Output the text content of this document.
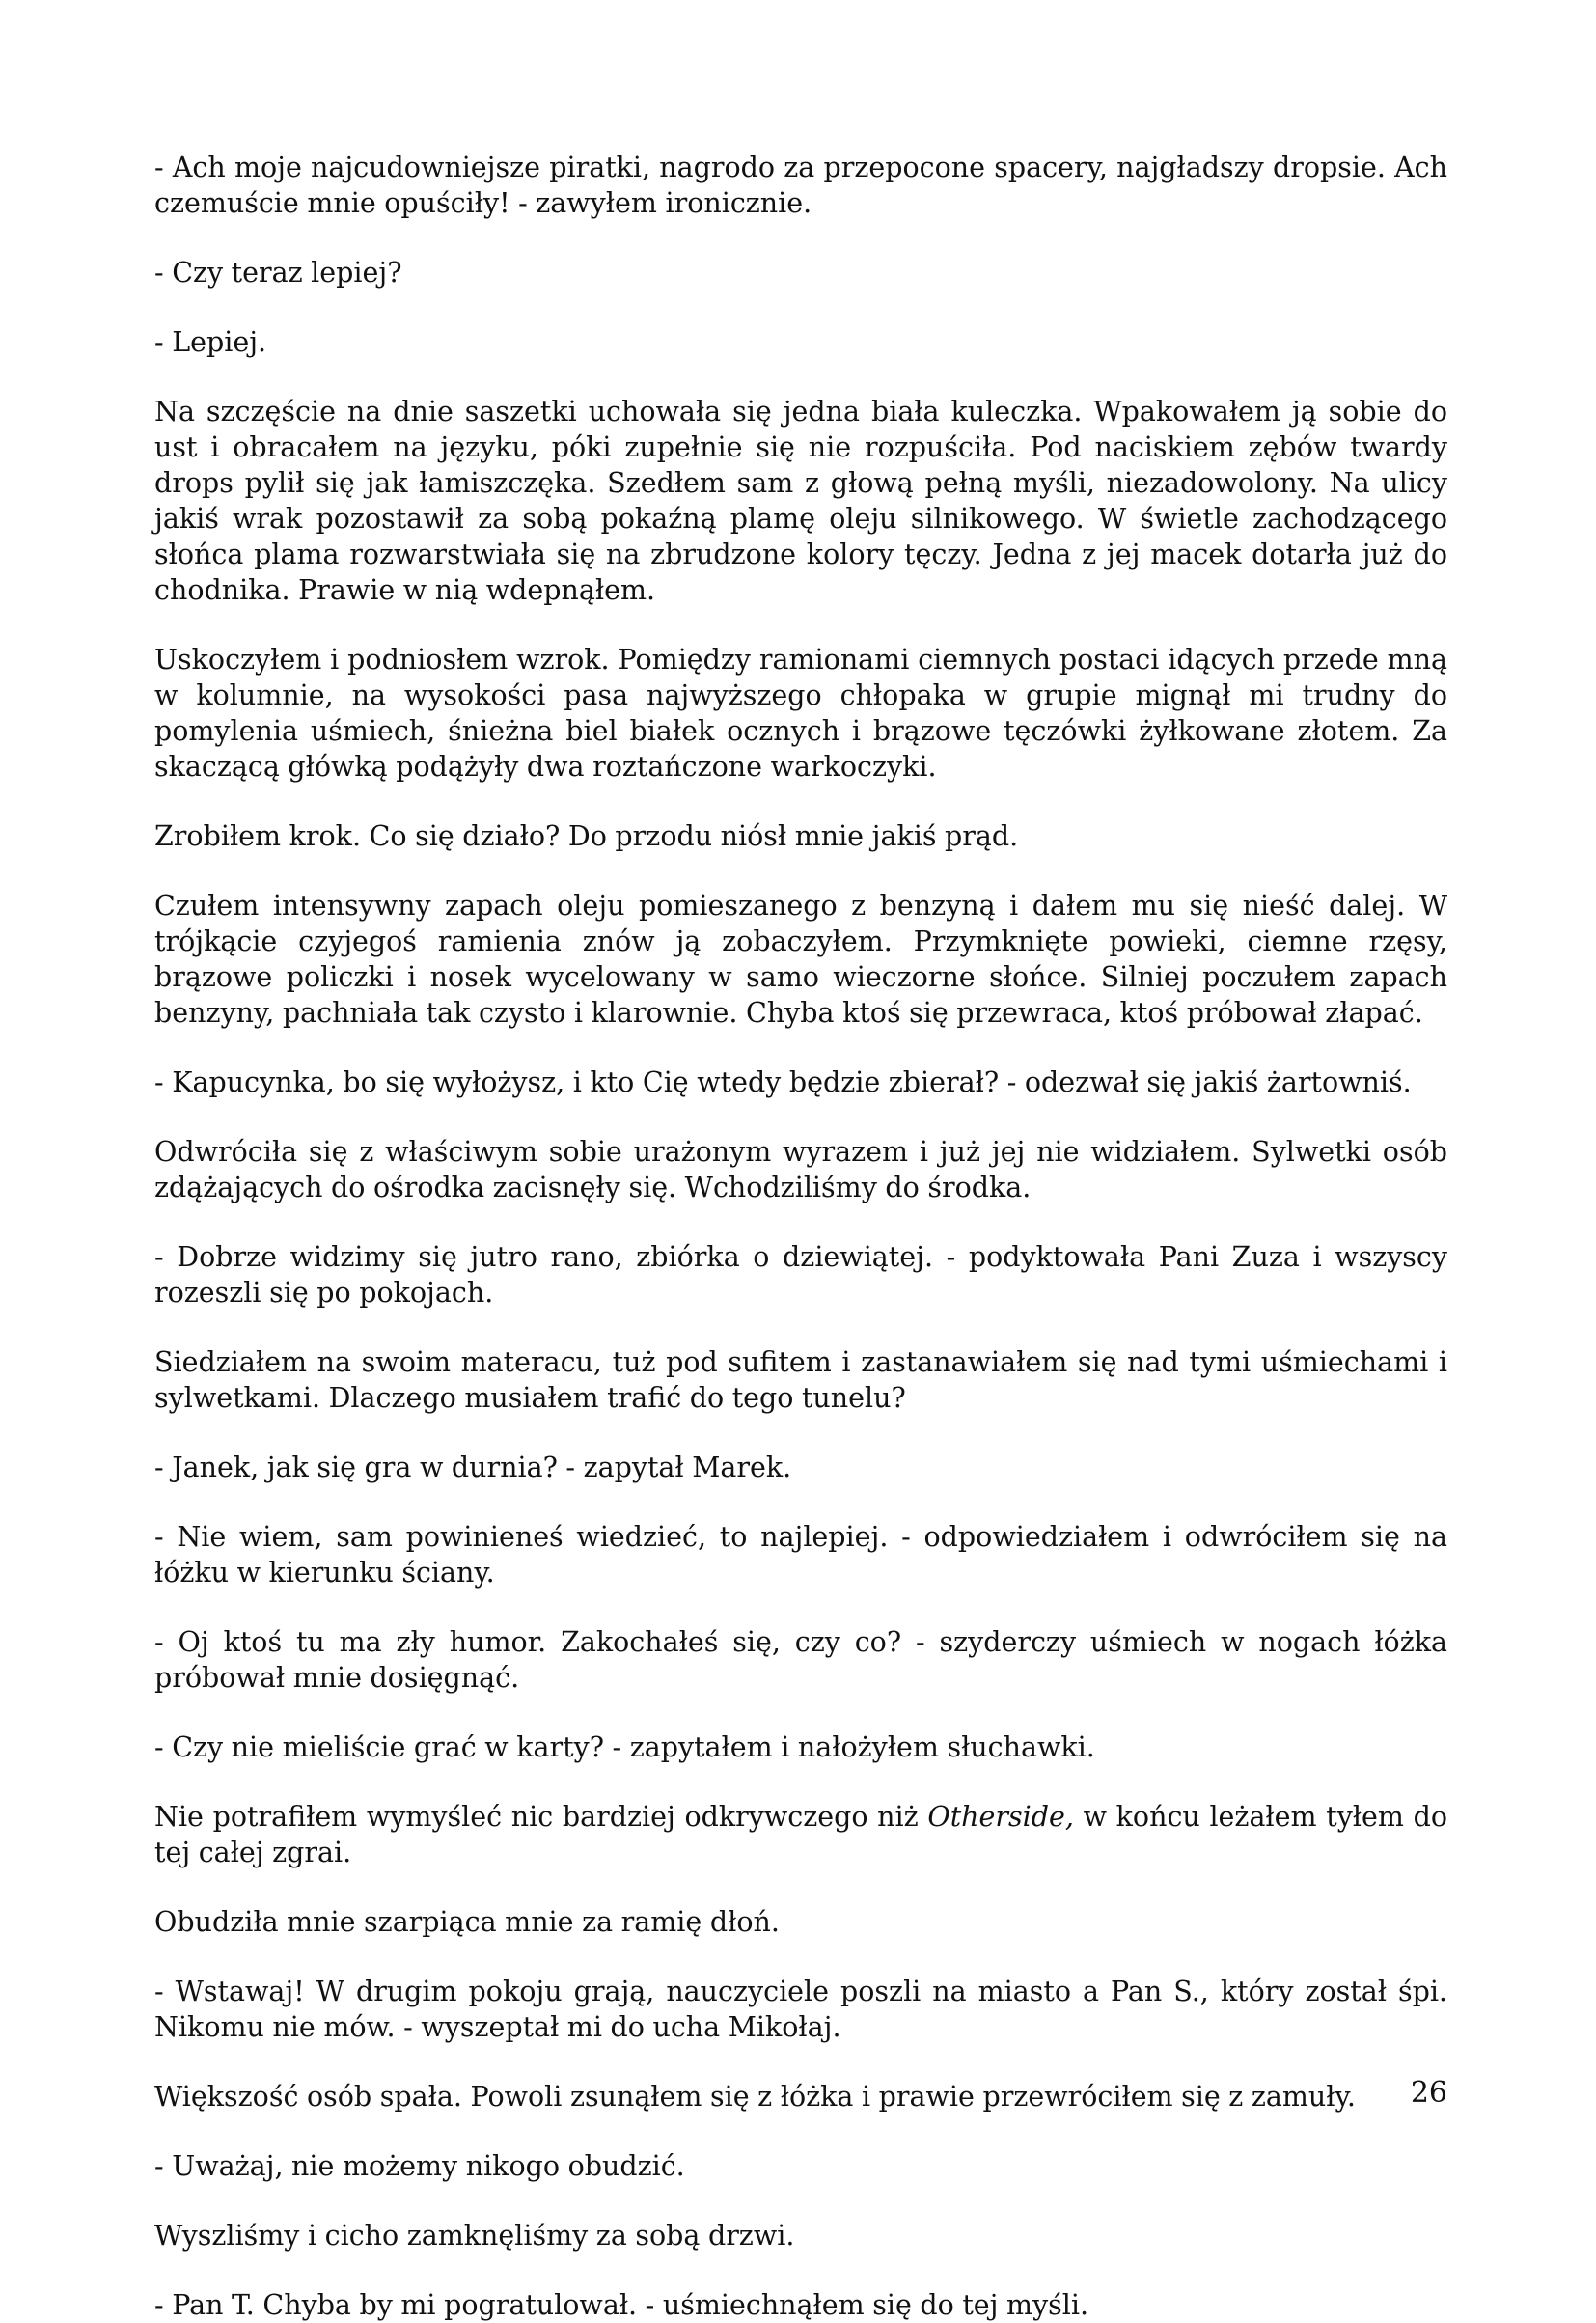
- Ach moje najcudowniejsze piratki, nagrodo za przepocone spacery, najgładszy dropsie. Ach czemuście mnie opuściły! - zawyłem ironicznie.

- Czy teraz lepiej?

- Lepiej.

Na szczęście na dnie saszetki uchowała się jedna biała kuleczka. Wpakowałem ją sobie do ust i obracałem na języku, póki zupełnie się nie rozpuściła. Pod naciskiem zębów twardy drops pylił się jak łamiszczęka. Szedłem sam z głową pełną myśli, niezadowolony. Na ulicy jakiś wrak pozostawił za sobą pokaźną plamę oleju silnikowego. W świetle zachodzącego słońca plama rozwarstwiała się na zbrudzone kolory tęczy. Jedna z jej macek dotarła już do chodnika. Prawie w nią wdepnąłem.

Uskoczyłem i podniosłem wzrok. Pomiędzy ramionami ciemnych postaci idących przede mną w kolumnie, na wysokości pasa najwyższego chłopaka w grupie mignął mi trudny do pomylenia uśmiech, śnieżna biel białek ocznych i brązowe tęczówki żyłkowane złotem. Za skaczącą główką podążyły dwa roztańczone warkoczyki.

Zrobiłem krok. Co się działo? Do przodu niósł mnie jakiś prąd.

Czułem intensywny zapach oleju pomieszanego z benzyną i dałem mu się nieść dalej. W trójkącie czyjegoś ramienia znów ją zobaczyłem. Przymknięte powieki, ciemne rzęsy, brązowe policzki i nosek wycelowany w samo wieczorne słońce. Silniej poczułem zapach benzyny, pachniała tak czysto i klarownie. Chyba ktoś się przewraca, ktoś próbował złapać.

- Kapucynka, bo się wyłożysz, i kto Cię wtedy będzie zbierał? - odezwał się jakiś żartowniś.

Odwróciła się z właściwym sobie urażonym wyrazem i już jej nie widziałem. Sylwetki osób zdążających do ośrodka zacisnęły się. Wchodziliśmy do środka.

- Dobrze widzimy się jutro rano, zbiórka o dziewiątej. - podyktowała Pani Zuza i wszyscy rozeszli się po pokojach.

Siedziałem na swoim materacu, tuż pod sufitem i zastanawiałem się nad tymi uśmiechami i sylwetkami. Dlaczego musiałem trafić do tego tunelu?

- Janek, jak się gra w durnia? - zapytał Marek.

- Nie wiem, sam powinieneś wiedzieć, to najlepiej. - odpowiedziałem i odwróciłem się na łóżku w kierunku ściany.

- Oj ktoś tu ma zły humor. Zakochałeś się, czy co? - szyderczy uśmiech w nogach łóżka próbował mnie dosięgnąć.

- Czy nie mieliście grać w karty? - zapytałem i nałożyłem słuchawki.

Nie potrafiłem wymyśleć nic bardziej odkrywczego niż Otherside, w końcu leżałem tyłem do tej całej zgrai.

Obudziła mnie szarpiąca mnie za ramię dłoń.

- Wstawaj! W drugim pokoju grają, nauczyciele poszli na miasto a Pan S., który został śpi. Nikomu nie mów. - wyszeptał mi do ucha Mikołaj.

Większość osób spała. Powoli zsunąłem się z łóżka i prawie przewróciłem się z zamuły.

- Uważaj, nie możemy nikogo obudzić.

Wyszliśmy i cicho zamknęliśmy za sobą drzwi.

- Pan T. Chyba by mi pogratulował. - uśmiechnąłem się do tej myśli.

26
